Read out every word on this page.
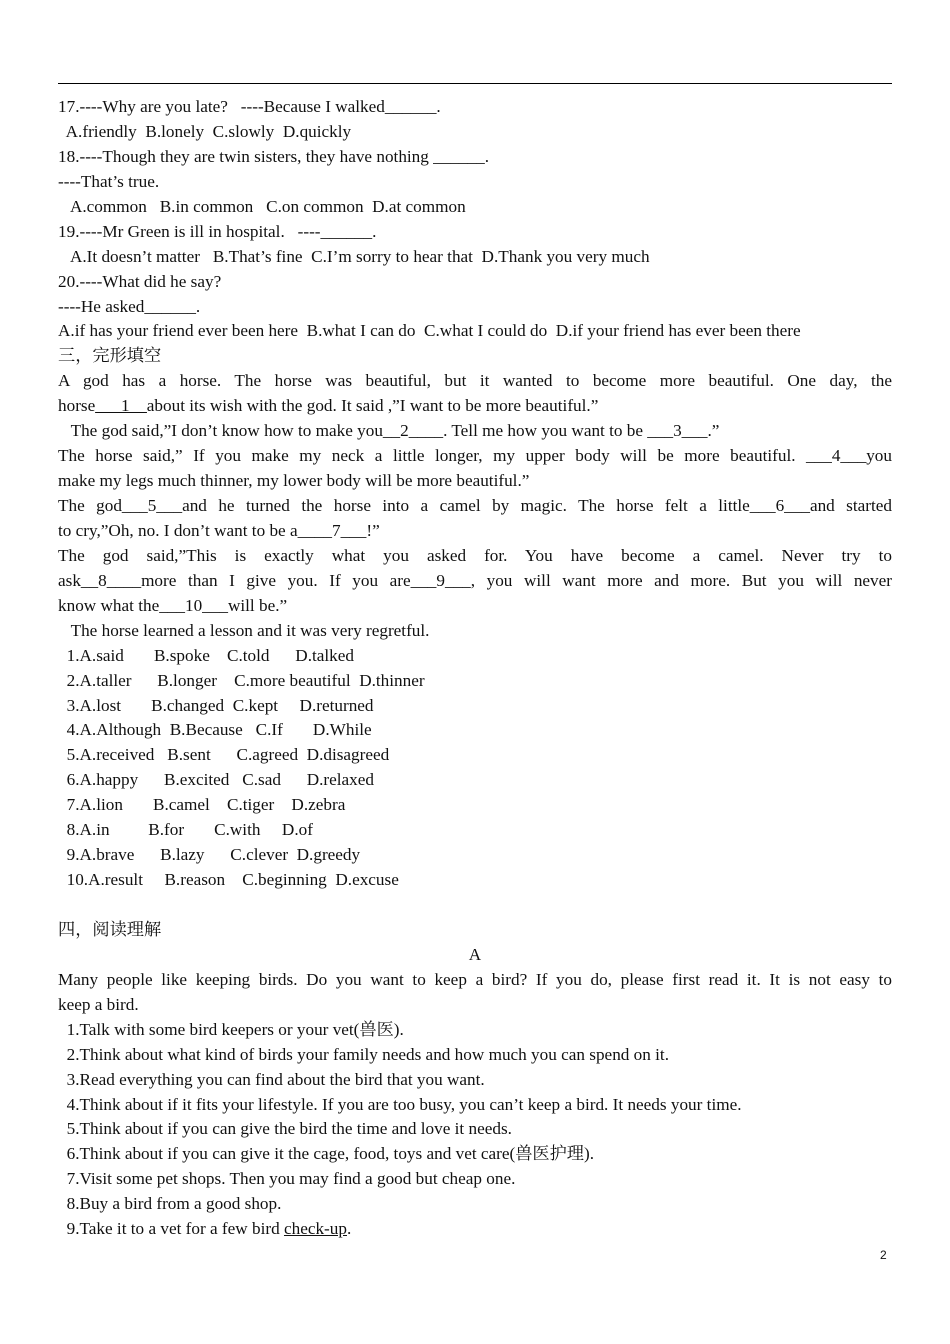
17.----Why are you late?   ----Because I walked______.
A.friendly  B.lonely  C.slowly  D.quickly
18.----Though they are twin sisters, they have nothing ______.
----That’s true.
A.common   B.in common   C.on common  D.at common
19.----Mr Green is ill in hospital.   ----______.
A.It doesn’t matter   B.That’s fine  C.I’m sorry to hear that  D.Thank you very much
20.----What did he say?
----He asked______.
A.if has your friend ever been here  B.what I can do  C.what I could do  D.if your friend has ever been there
三，完形填空
A god has a horse. The horse was beautiful, but it wanted to become more beautiful. One day, the
horse___1__about its wish with the god. It said ,”I want to be more beautiful.”
The god said,”I don’t know how to make you__2____. Tell me how you want to be ___3___.”
The horse said,” If you make my neck a little longer, my upper body will be more beautiful. ___4___you
make my legs much thinner, my lower body will be more beautiful.”
The god___5___and he turned the horse into a camel by magic. The horse felt a little___6___and started
to cry,”Oh, no. I don’t want to be a____7___!”
The god said,”This is exactly what you asked for. You have become a camel. Never try to
ask__8____more than I give you. If you are___9___, you will want more and more. But you will never
know what the___10___will be.”
The horse learned a lesson and it was very regretful.
1.A.said       B.spoke    C.told      D.talked
2.A.taller      B.longer    C.more beautiful  D.thinner
3.A.lost       B.changed  C.kept     D.returned
4.A.Although  B.Because   C.If       D.While
5.A.received   B.sent      C.agreed  D.disagreed
6.A.happy      B.excited   C.sad      D.relaxed
7.A.lion       B.camel    C.tiger    D.zebra
8.A.in         B.for       C.with     D.of
9.A.brave      B.lazy      C.clever  D.greedy
10.A.result     B.reason    C.beginning  D.excuse
四，阅读理解
A
Many people like keeping birds. Do you want to keep a bird? If you do, please first read it. It is not easy to
keep a bird.
1.Talk with some bird keepers or your vet(兽医).
2.Think about what kind of birds your family needs and how much you can spend on it.
3.Read everything you can find about the bird that you want.
4.Think about if it fits your lifestyle. If you are too busy, you can’t keep a bird. It needs your time.
5.Think about if you can give the bird the time and love it needs.
6.Think about if you can give it the cage, food, toys and vet care(兽医护理).
7.Visit some pet shops. Then you may find a good but cheap one.
8.Buy a bird from a good shop.
9.Take it to a vet for a few bird check-up.
2
